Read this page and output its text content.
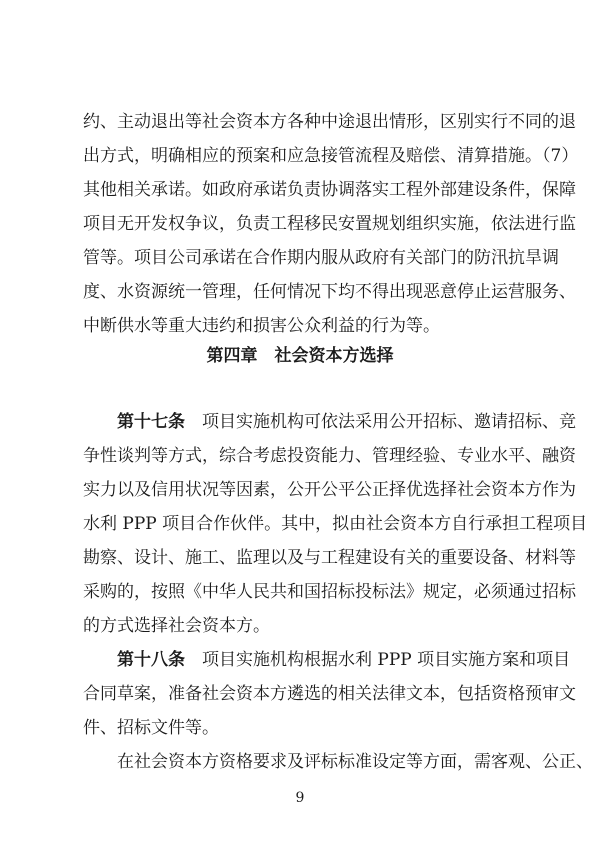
约、主动退出等社会资本方各种中途退出情形，区别实行不同的退
出方式，明确相应的预案和应急接管流程及赔偿、清算措施。（7）
其他相关承诺。如政府承诺负责协调落实工程外部建设条件，保障
项目无开发权争议，负责工程移民安置规划组织实施，依法进行监
管等。项目公司承诺在合作期内服从政府有关部门的防汛抗旱调
度、水资源统一管理，任何情况下均不得出现恶意停止运营服务、
中断供水等重大违约和损害公众利益的行为等。
第四章　社会资本方选择
第十七条　 项目实施机构可依法采用公开招标、邀请招标、竞
争性谈判等方式，综合考虑投资能力、管理经验、专业水平、融资
实力以及信用状况等因素，公开公平公正择优选择社会资本方作为
水利 PPP 项目合作伙伴。其中，拟由社会资本方自行承担工程项目
勘察、设计、施工、监理以及与工程建设有关的重要设备、材料等
采购的，按照《中华人民共和国招标投标法》规定，必须通过招标
的方式选择社会资本方。
第十八条　 项目实施机构根据水利 PPP 项目实施方案和项目
合同草案，准备社会资本方遴选的相关法律文本，包括资格预审文
件、招标文件等。
在社会资本方资格要求及评标标准设定等方面，需客观、公正、
9
